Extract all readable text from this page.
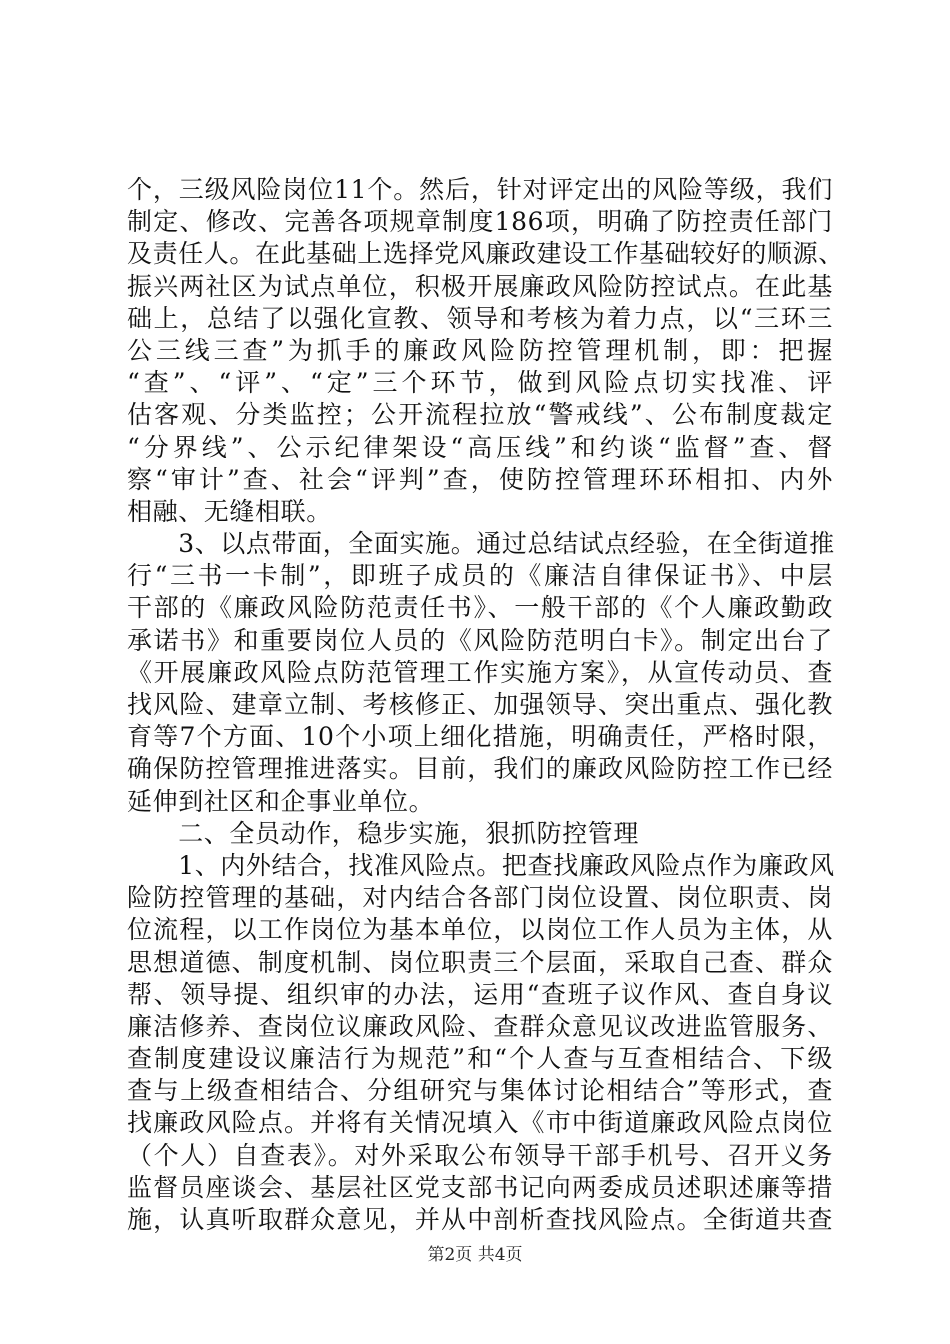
个，三级风险岗位11个。然后，针对评定出的风险等级，我们
制定、修改、完善各项规章制度186项，明确了防控责任部门
及责任人。在此基础上选择党风廉政建设工作基础较好的顺源、
振兴两社区为试点单位，积极开展廉政风险防控试点。在此基
础上，总结了以强化宣教、领导和考核为着力点，以“三环三
公三线三查”为抓手的廉政风险防控管理机制，即：把握
“查”、“评”、“定”三个环节，做到风险点切实找准、评
估客观、分类监控；公开流程拉放“警戒线”、公布制度裁定
“分界线”、公示纪律架设“高压线”和约谈“监督”查、督
察“审计”查、社会“评判”查，使防控管理环环相扣、内外
相融、无缝相联。
　　3、以点带面，全面实施。通过总结试点经验，在全街道推
行“三书一卡制”，即班子成员的《廉洁自律保证书》、中层
干部的《廉政风险防范责任书》、一般干部的《个人廉政勤政
承诺书》和重要岗位人员的《风险防范明白卡》。制定出台了
《开展廉政风险点防范管理工作实施方案》，从宣传动员、查
找风险、建章立制、考核修正、加强领导、突出重点、强化教
育等7个方面、10个小项上细化措施，明确责任，严格时限，
确保防控管理推进落实。目前，我们的廉政风险防控工作已经
延伸到社区和企事业单位。
　　二、全员动作，稳步实施，狠抓防控管理
　　1、内外结合，找准风险点。把查找廉政风险点作为廉政风
险防控管理的基础，对内结合各部门岗位设置、岗位职责、岗
位流程，以工作岗位为基本单位，以岗位工作人员为主体，从
思想道德、制度机制、岗位职责三个层面，采取自己查、群众
帮、领导提、组织审的办法，运用“查班子议作风、查自身议
廉洁修养、查岗位议廉政风险、查群众意见议改进监管服务、
查制度建设议廉洁行为规范”和“个人查与互查相结合、下级
查与上级查相结合、分组研究与集体讨论相结合”等形式，查
找廉政风险点。并将有关情况填入《市中街道廉政风险点岗位
（个人）自查表》。对外采取公布领导干部手机号、召开义务
监督员座谈会、基层社区党支部书记向两委成员述职述廉等措
施，认真听取群众意见，并从中剖析查找风险点。全街道共查
第2页 共4页
